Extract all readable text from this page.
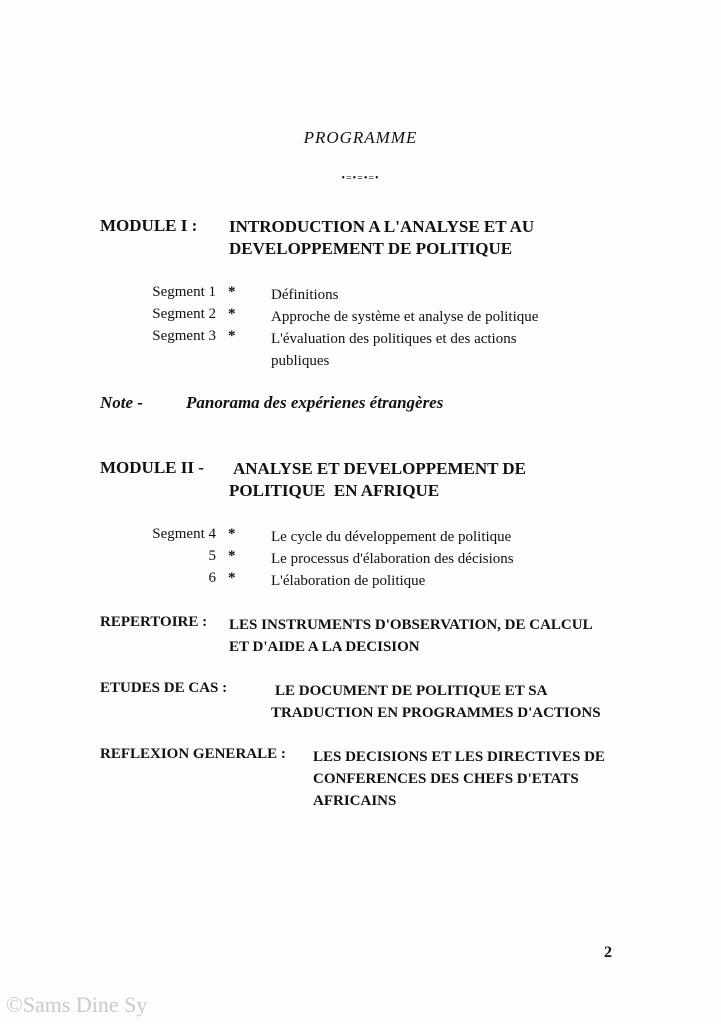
PROGRAMME
•=•=•=•
MODULE I : INTRODUCTION A L'ANALYSE ET AU
DEVELOPPEMENT DE POLITIQUE
Segment 1 * Définitions
Segment 2 * Approche de système et analyse de politique
Segment 3 * L'évaluation des politiques et des actions
publiques
Note -	Panorama des expérienes étrangères
MODULE II - ANALYSE ET DEVELOPPEMENT DE
POLITIQUE  EN AFRIQUE
Segment 4 * Le cycle du développement de politique
5 * Le processus d'élaboration des décisions
6 * L'élaboration de politique
REPERTOIRE : LES INSTRUMENTS D'OBSERVATION, DE CALCUL
ET D'AIDE A LA DECISION
ETUDES DE CAS :	LE DOCUMENT DE POLITIQUE ET SA
TRADUCTION EN PROGRAMMES D'ACTIONS
REFLEXION GENERALE : LES DECISIONS ET LES DIRECTIVES DE
CONFERENCES DES CHEFS D'ETATS
AFRICAINS
2
©Sams Dine Sy
